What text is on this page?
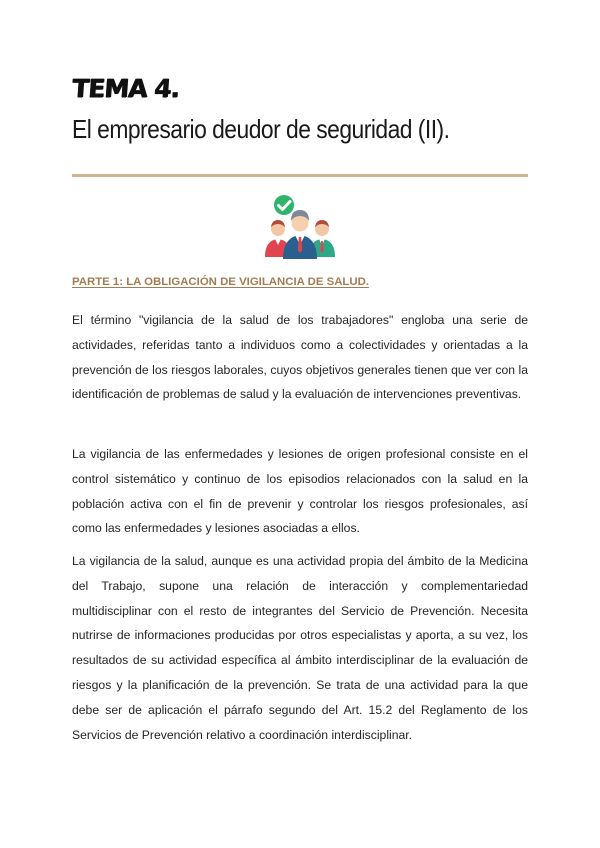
TEMA 4.
El empresario deudor de seguridad (II).
PARTE 1: LA OBLIGACIÓN DE VIGILANCIA DE SALUD.

El término "vigilancia de la salud de los trabajadores" engloba una serie de actividades, referidas tanto a individuos como a colectividades y orientadas a la prevención de los riesgos laborales, cuyos objetivos generales tienen que ver con la identificación de problemas de salud y la evaluación de intervenciones preventivas.

La vigilancia de las enfermedades y lesiones de origen profesional consiste en el control sistemático y continuo de los episodios relacionados con la salud en la población activa con el fin de prevenir y controlar los riesgos profesionales, así como las enfermedades y lesiones asociadas a ellos.

La vigilancia de la salud, aunque es una actividad propia del ámbito de la Medicina del Trabajo, supone una relación de interacción y complementariedad multidisciplinar con el resto de integrantes del Servicio de Prevención. Necesita nutrirse de informaciones producidas por otros especialistas y aporta, a su vez, los resultados de su actividad específica al ámbito interdisciplinar de la evaluación de riesgos y la planificación de la prevención. Se trata de una actividad para la que debe ser de aplicación el párrafo segundo del Art. 15.2 del Reglamento de los Servicios de Prevención relativo a coordinación interdisciplinar.
